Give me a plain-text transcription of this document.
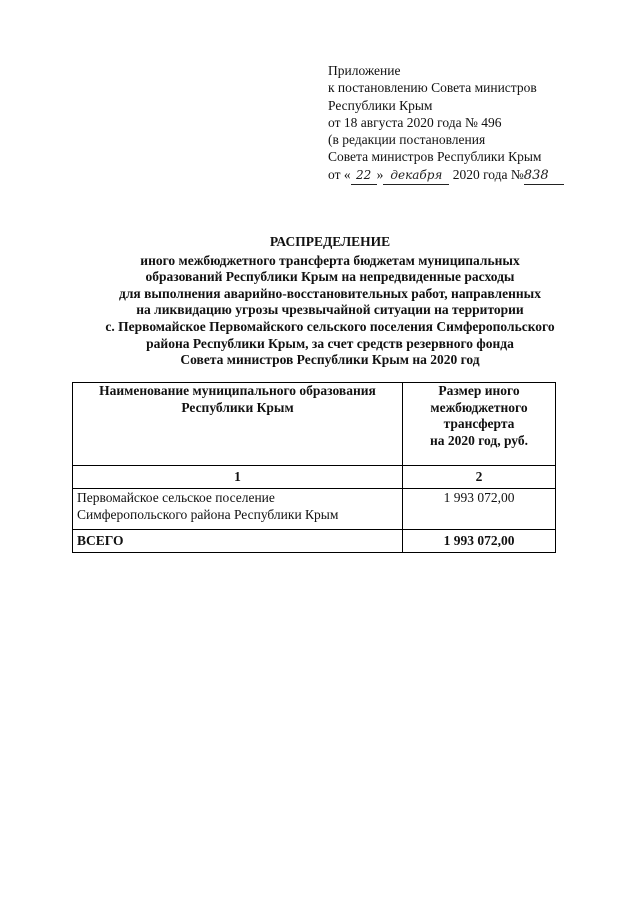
Приложение
к постановлению Совета министров
Республики Крым
от 18 августа 2020 года № 496
(в редакции постановления
Совета министров Республики Крым
от « 22 » декабря 2020 года №838
РАСПРЕДЕЛЕНИЕ
иного межбюджетного трансферта бюджетам муниципальных
образований Республики Крым на непредвиденные расходы
для выполнения аварийно-восстановительных работ, направленных
на ликвидацию угрозы чрезвычайной ситуации на территории
с. Первомайское Первомайского сельского поселения Симферопольского
района Республики Крым, за счет средств резервного фонда
Совета министров Республики Крым на 2020 год
Наименование муниципального образования Республики Крым	Размер иного
межбюджетного
трансферта
на 2020 год, руб.

1	2

Первомайское сельское поселение
Симферопольского района Республики Крым	1 993 072,00
ВСЕГО	1 993 072,00
